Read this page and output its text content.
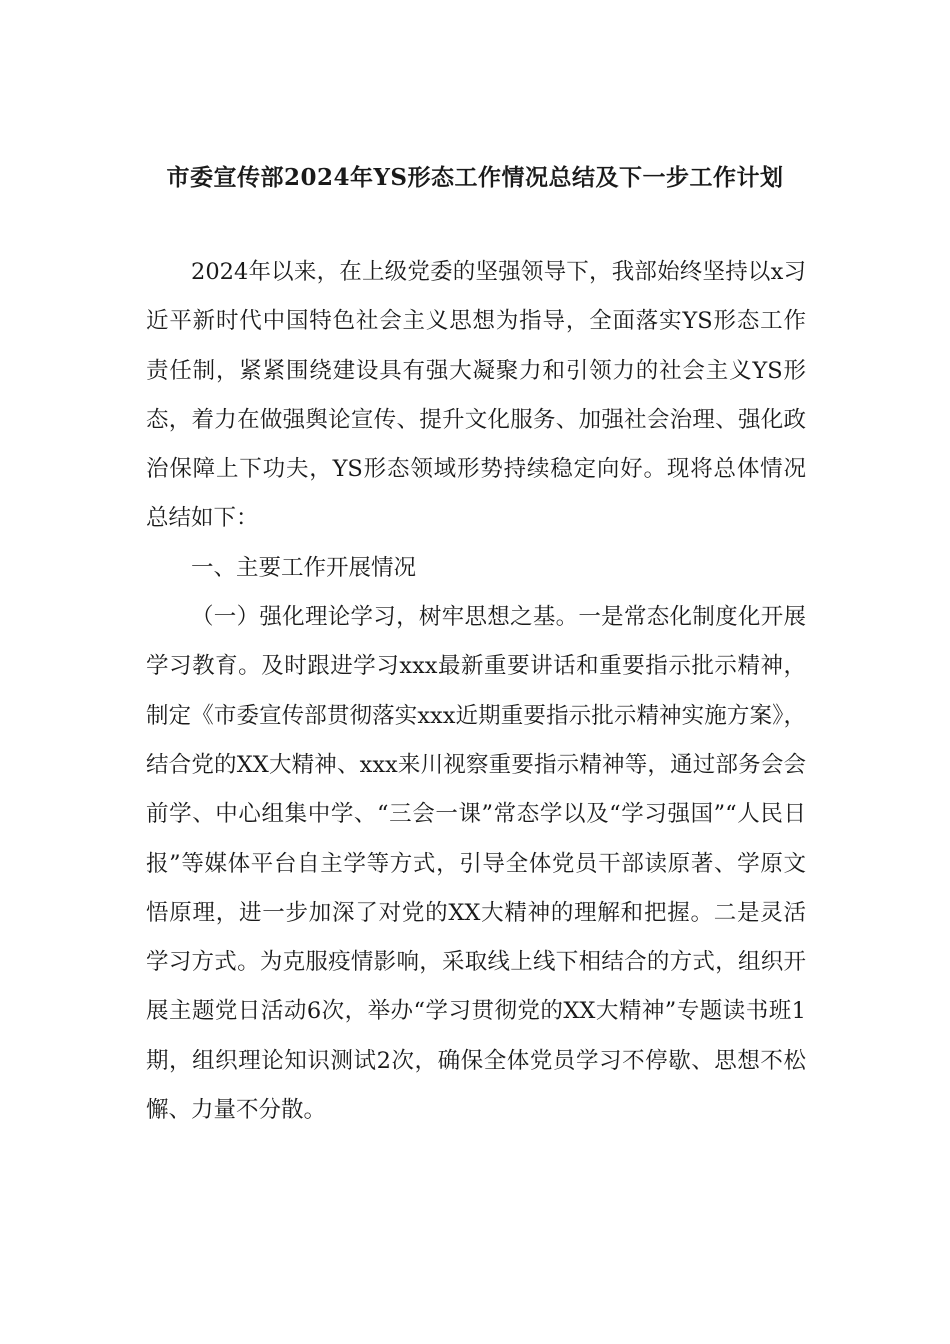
市委宣传部2024年YS形态工作情况总结及下一步工作计划

2024年以来，在上级党委的坚强领导下，我部始终坚持以x习近平新时代中国特色社会主义思想为指导，全面落实YS形态工作责任制，紧紧围绕建设具有强大凝聚力和引领力的社会主义YS形态，着力在做强舆论宣传、提升文化服务、加强社会治理、强化政治保障上下功夫，YS形态领域形势持续稳定向好。现将总体情况总结如下：

一、主要工作开展情况

（一）强化理论学习，树牢思想之基。一是常态化制度化开展学习教育。及时跟进学习xxx最新重要讲话和重要指示批示精神，制定《市委宣传部贯彻落实xxx近期重要指示批示精神实施方案》，结合党的XX大精神、xxx来川视察重要指示精神等，通过部务会会前学、中心组集中学、“三会一课”常态学以及“学习强国”“人民日报”等媒体平台自主学等方式，引导全体党员干部读原著、学原文悟原理，进一步加深了对党的XX大精神的理解和把握。二是灵活学习方式。为克服疫情影响，采取线上线下相结合的方式，组织开展主题党日活动6次，举办“学习贯彻党的XX大精神”专题读书班1期，组织理论知识测试2次，确保全体党员学习不停歇、思想不松懈、力量不分散。
